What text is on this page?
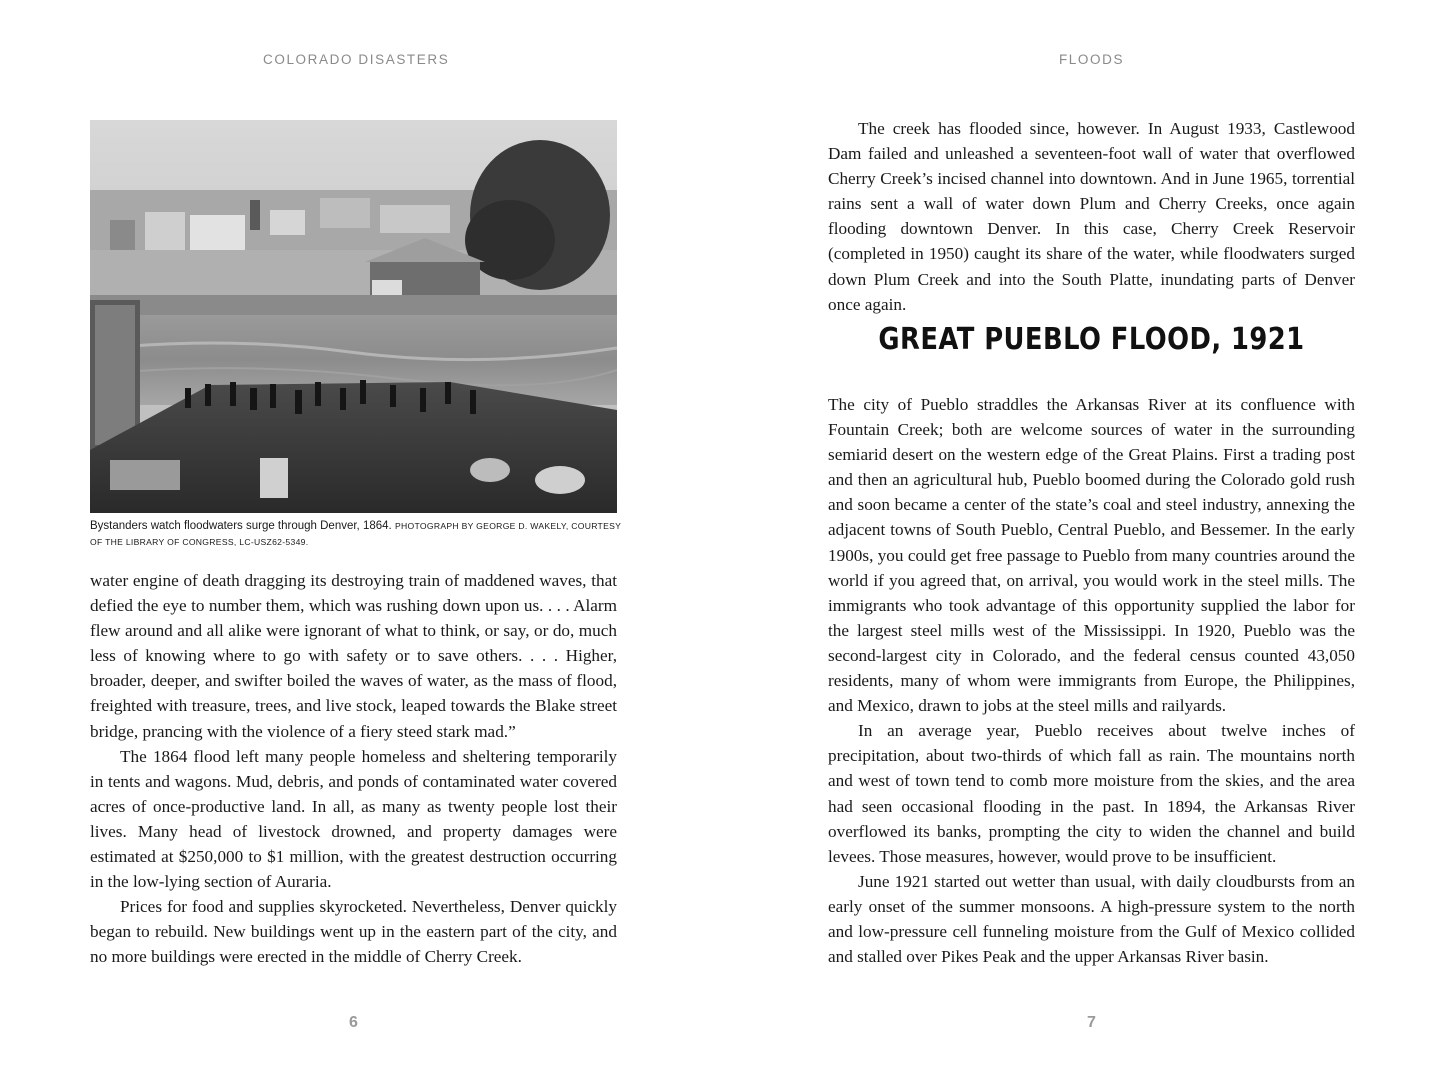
COLORADO DISASTERS
Bystanders watch floodwaters surge through Denver, 1864. PHOTOGRAPH BY GEORGE D. WAKELY, COURTESY OF THE LIBRARY OF CONGRESS, LC-USZ62-5349.

water engine of death dragging its destroying train of maddened waves, that defied the eye to number them, which was rushing down upon us. . . . Alarm flew around and all alike were ignorant of what to think, or say, or do, much less of knowing where to go with safety or to save others. . . . Higher, broader, deeper, and swifter boiled the waves of water, as the mass of flood, freighted with treasure, trees, and live stock, leaped towards the Blake street bridge, prancing with the violence of a fiery steed stark mad.”

The 1864 flood left many people homeless and sheltering temporarily in tents and wagons. Mud, debris, and ponds of contaminated water covered acres of once-productive land. In all, as many as twenty people lost their lives. Many head of livestock drowned, and property damages were estimated at $250,000 to $1 million, with the greatest destruction occurring in the low-lying section of Auraria.

Prices for food and supplies skyrocketed. Nevertheless, Denver quickly began to rebuild. New buildings went up in the eastern part of the city, and no more buildings were erected in the middle of Cherry Creek.

6
FLOODS

The creek has flooded since, however. In August 1933, Castlewood Dam failed and unleashed a seventeen-foot wall of water that overflowed Cherry Creek’s incised channel into downtown. And in June 1965, torrential rains sent a wall of water down Plum and Cherry Creeks, once again flooding downtown Denver. In this case, Cherry Creek Reservoir (completed in 1950) caught its share of the water, while floodwaters surged down Plum Creek and into the South Platte, inundating parts of Denver once again.

GREAT PUEBLO FLOOD, 1921

The city of Pueblo straddles the Arkansas River at its confluence with Fountain Creek; both are welcome sources of water in the surrounding semiarid desert on the western edge of the Great Plains. First a trading post and then an agricultural hub, Pueblo boomed during the Colorado gold rush and soon became a center of the state’s coal and steel industry, annexing the adjacent towns of South Pueblo, Central Pueblo, and Bessemer. In the early 1900s, you could get free passage to Pueblo from many countries around the world if you agreed that, on arrival, you would work in the steel mills. The immigrants who took advantage of this opportunity supplied the labor for the largest steel mills west of the Mississippi. In 1920, Pueblo was the second-largest city in Colorado, and the federal census counted 43,050 residents, many of whom were immigrants from Europe, the Philippines, and Mexico, drawn to jobs at the steel mills and railyards.

In an average year, Pueblo receives about twelve inches of precipitation, about two-thirds of which fall as rain. The mountains north and west of town tend to comb more moisture from the skies, and the area had seen occasional flooding in the past. In 1894, the Arkansas River overflowed its banks, prompting the city to widen the channel and build levees. Those measures, however, would prove to be insufficient.

June 1921 started out wetter than usual, with daily cloudbursts from an early onset of the summer monsoons. A high-pressure system to the north and low-pressure cell funneling moisture from the Gulf of Mexico collided and stalled over Pikes Peak and the upper Arkansas River basin.

7
